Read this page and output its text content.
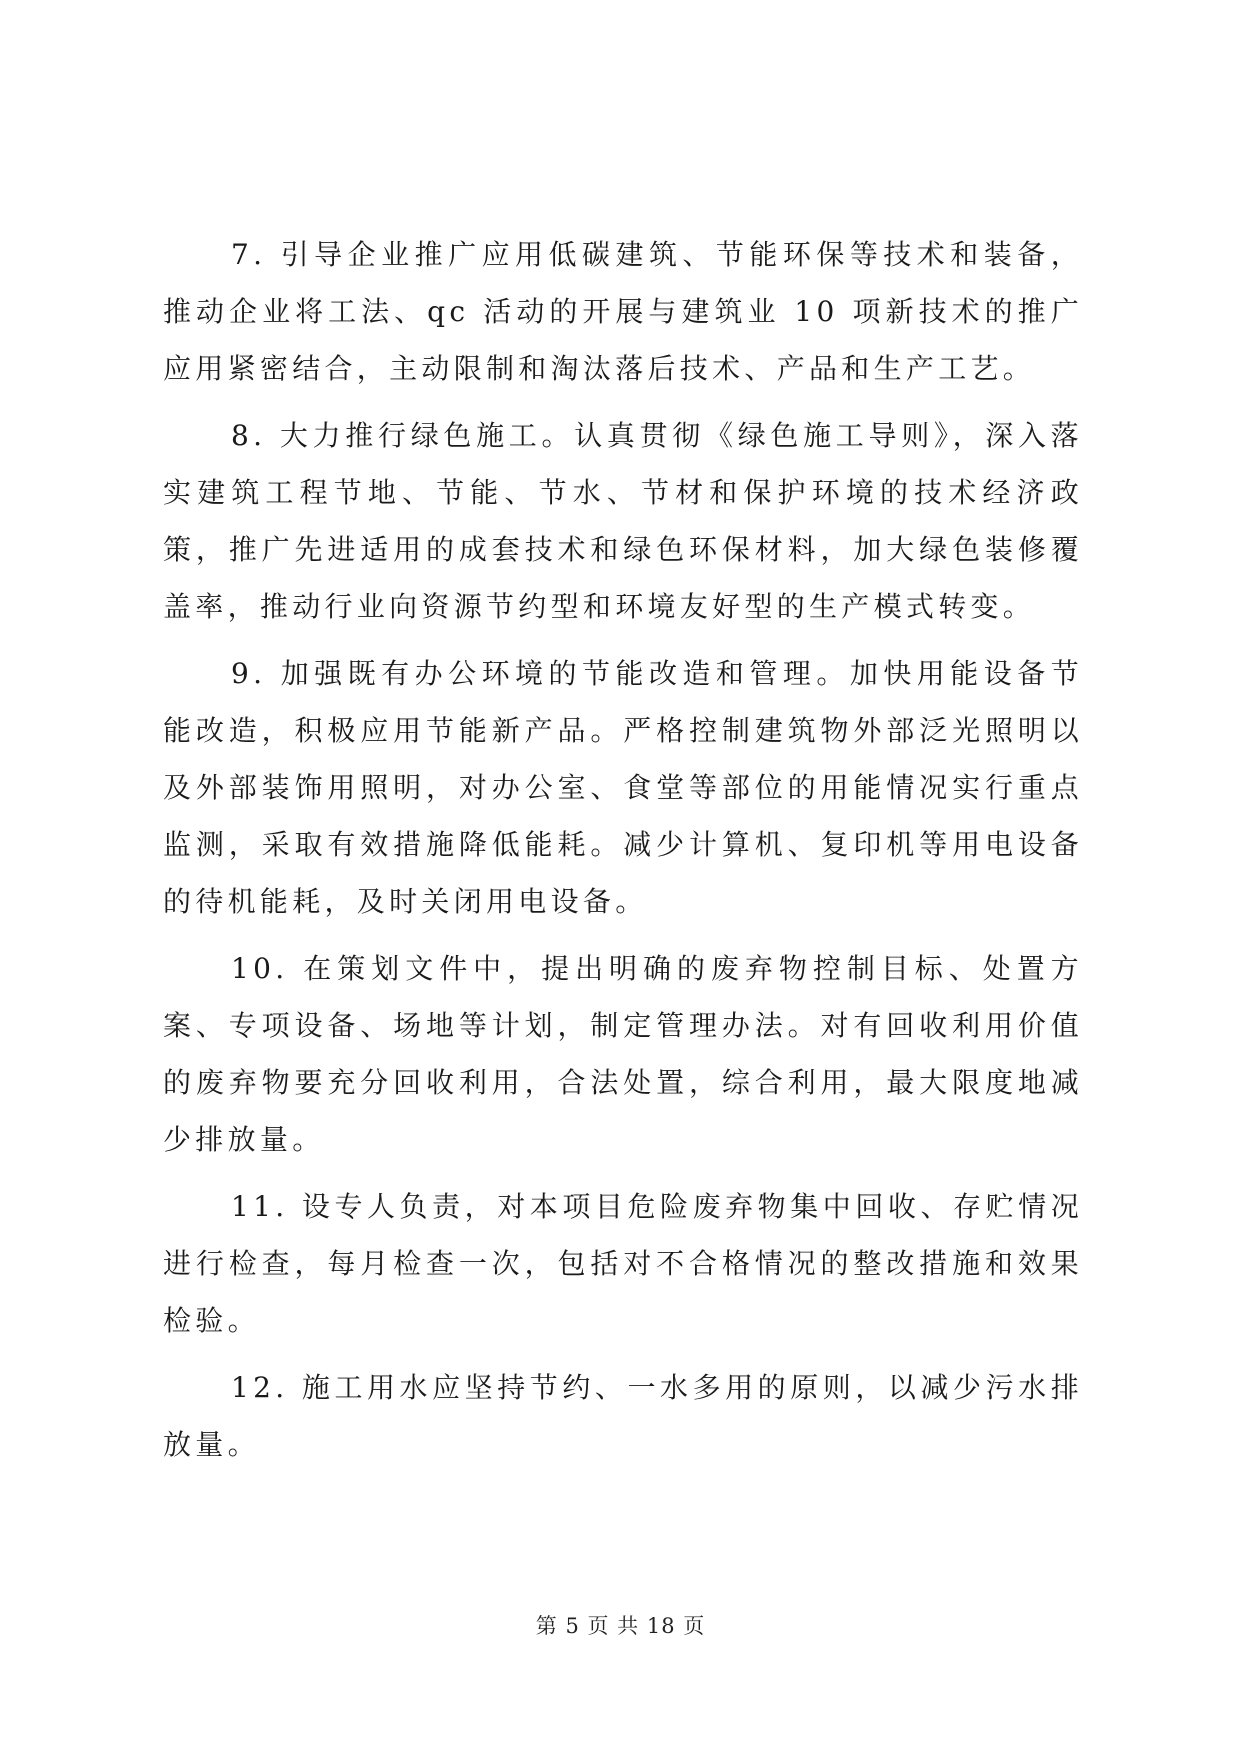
7. 引导企业推广应用低碳建筑、节能环保等技术和装备，推动企业将工法、qc 活动的开展与建筑业 10 项新技术的推广应用紧密结合，主动限制和淘汰落后技术、产品和生产工艺。

8. 大力推行绿色施工。认真贯彻《绿色施工导则》，深入落实建筑工程节地、节能、节水、节材和保护环境的技术经济政策，推广先进适用的成套技术和绿色环保材料，加大绿色装修覆盖率，推动行业向资源节约型和环境友好型的生产模式转变。

9. 加强既有办公环境的节能改造和管理。加快用能设备节能改造，积极应用节能新产品。严格控制建筑物外部泛光照明以及外部装饰用照明，对办公室、食堂等部位的用能情况实行重点监测，采取有效措施降低能耗。减少计算机、复印机等用电设备的待机能耗，及时关闭用电设备。

10. 在策划文件中，提出明确的废弃物控制目标、处置方案、专项设备、场地等计划，制定管理办法。对有回收利用价值的废弃物要充分回收利用，合法处置，综合利用，最大限度地减少排放量。

11. 设专人负责，对本项目危险废弃物集中回收、存贮情况进行检查，每月检查一次，包括对不合格情况的整改措施和效果检验。

12. 施工用水应坚持节约、一水多用的原则，以减少污水排放量。

第 5 页 共 18 页
